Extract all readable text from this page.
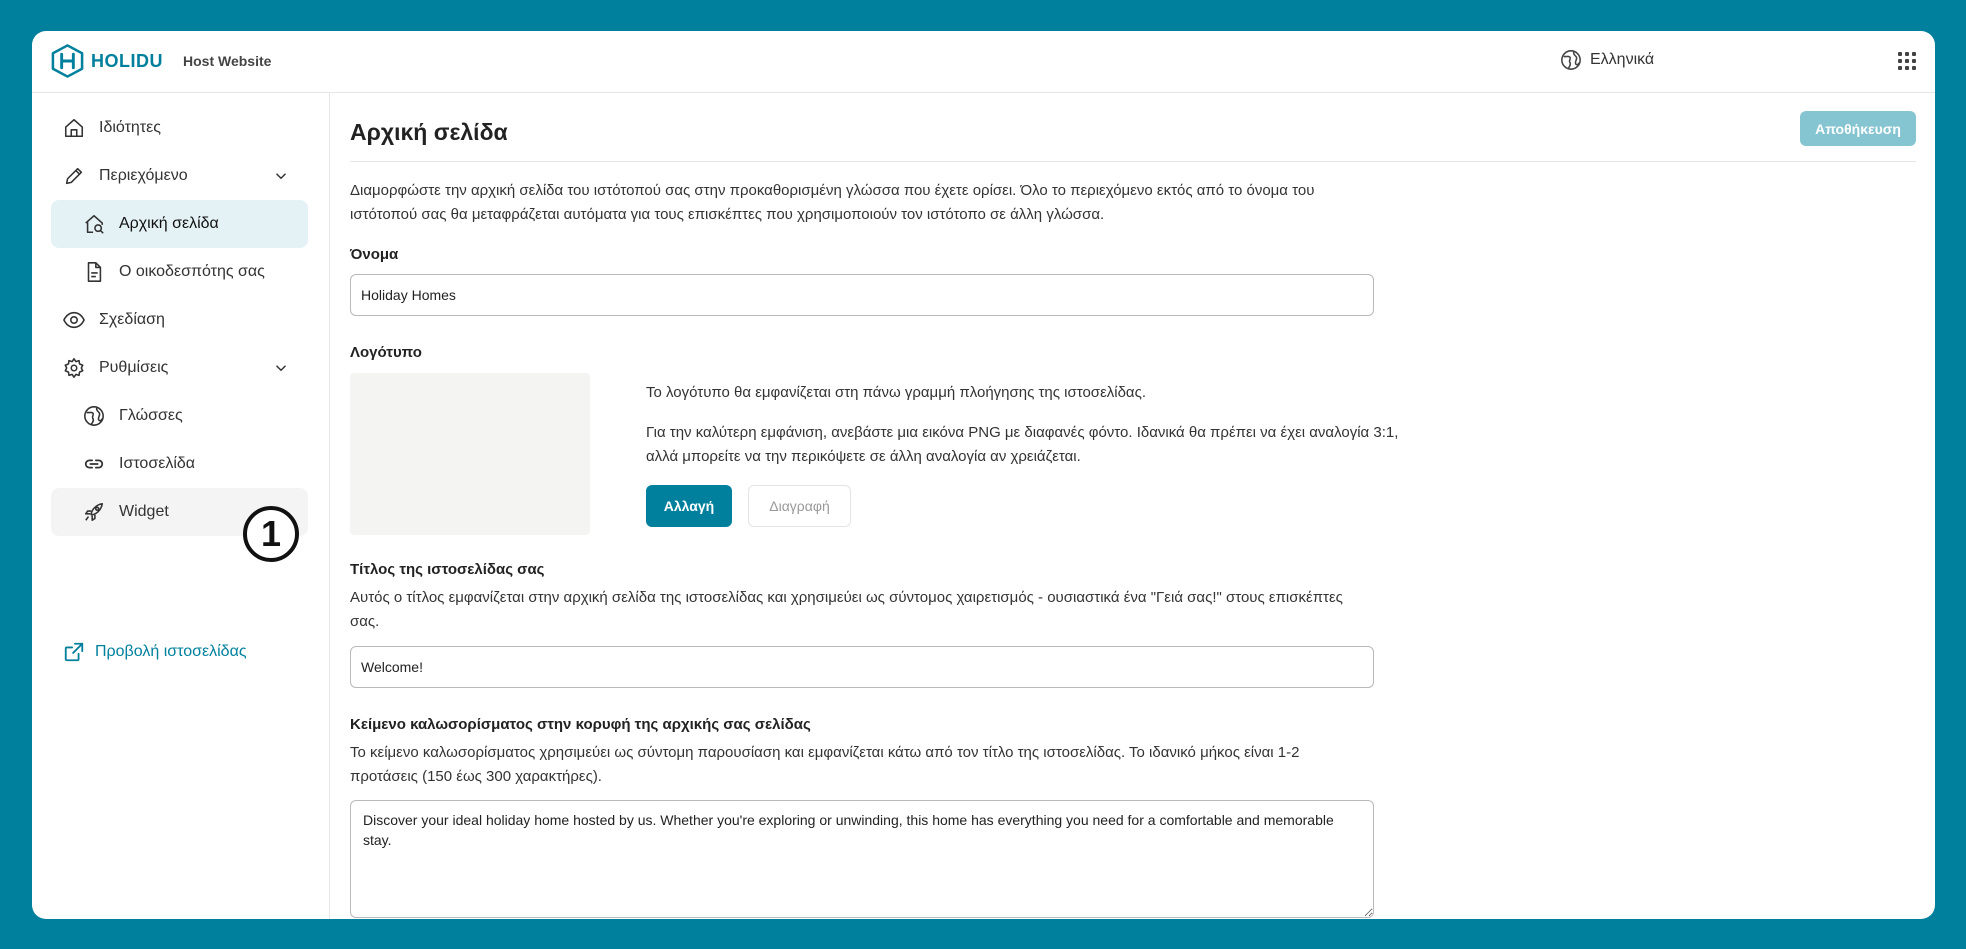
HOLIDU Host Website	Ελληνικά
Ιδιότητες
Περιεχόμενο
Αρχική σελίδα
Ο οικοδεσπότης σας
Σχεδίαση
Ρυθμίσεις
Γλώσσες
Ιστοσελίδα
Widget
Προβολή ιστοσελίδας
1
Αρχική σελίδα	Αποθήκευση

Διαμορφώστε την αρχική σελίδα του ιστότοπού σας στην προκαθορισμένη γλώσσα που έχετε ορίσει. Όλο το περιεχόμενο εκτός από το όνομα του ιστότοπού σας θα μεταφράζεται αυτόματα για τους επισκέπτες που χρησιμοποιούν τον ιστότοπο σε άλλη γλώσσα.

Όνομα
Holiday Homes
Λογότυπο

Το λογότυπο θα εμφανίζεται στη πάνω γραμμή πλοήγησης της ιστοσελίδας.

Για την καλύτερη εμφάνιση, ανεβάστε μια εικόνα PNG με διαφανές φόντο. Ιδανικά θα πρέπει να έχει αναλογία 3:1, αλλά μπορείτε να την περικόψετε σε άλλη αναλογία αν χρειάζεται.

Αλλαγή	Διαγραφή
Τίτλος της ιστοσελίδας σας

Αυτός ο τίτλος εμφανίζεται στην αρχική σελίδα της ιστοσελίδας και χρησιμεύει ως σύντομος χαιρετισμός - ουσιαστικά ένα "Γειά σας!" στους επισκέπτες σας.

Welcome!
Κείμενο καλωσορίσματος στην κορυφή της αρχικής σας σελίδας

Το κείμενο καλωσορίσματος χρησιμεύει ως σύντομη παρουσίαση και εμφανίζεται κάτω από τον τίτλο της ιστοσελίδας. Το ιδανικό μήκος είναι 1-2 προτάσεις (150 έως 300 χαρακτήρες).

Discover your ideal holiday home hosted by us. Whether you're exploring or unwinding, this home has everything you need for a comfortable and memorable stay.
